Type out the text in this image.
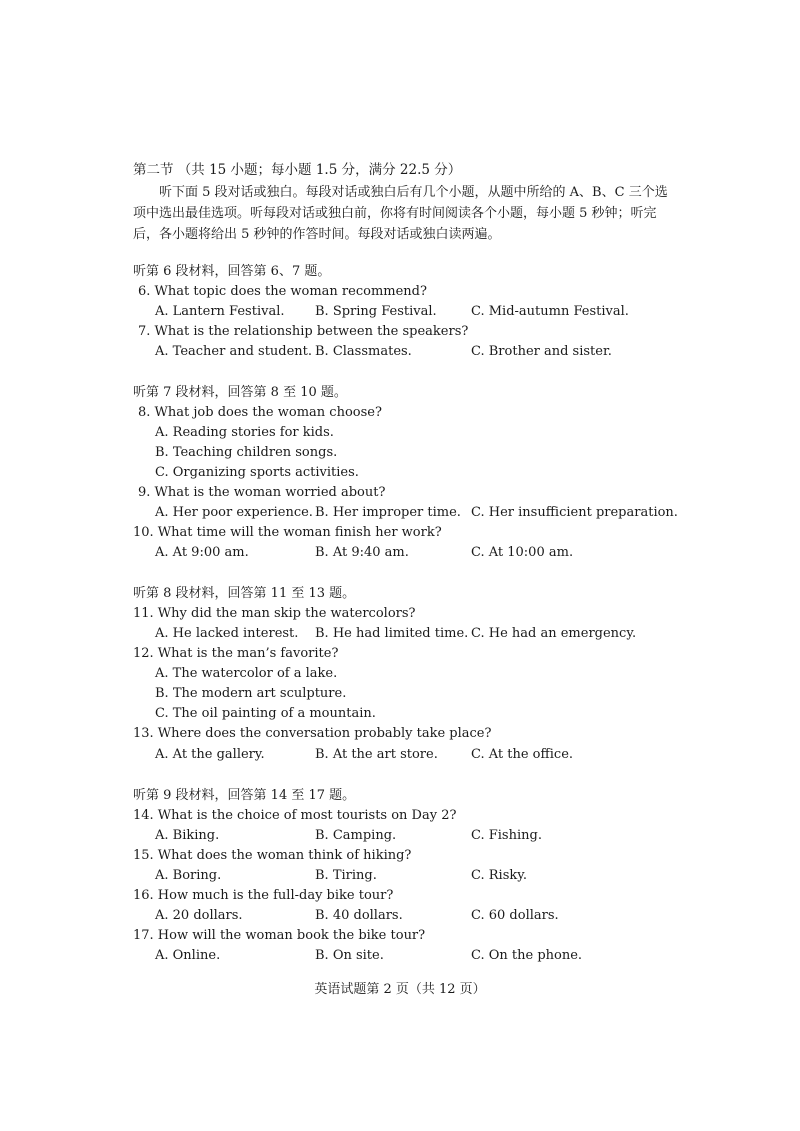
第二节 （共 15 小题；每小题 1.5 分，满分 22.5 分）
听下面 5 段对话或独白。每段对话或独白后有几个小题，从题中所给的 A、B、C 三个选项中选出最佳选项。听每段对话或独白前，你将有时间阅读各个小题，每小题 5 秒钟；听完后，各小题将给出 5 秒钟的作答时间。每段对话或独白读两遍。
听第 6 段材料，回答第 6、7 题。
6. What topic does the woman recommend?
A. Lantern Festival. B. Spring Festival.	C. Mid-autumn Festival.
7. What is the relationship between the speakers?
A. Teacher and student. B. Classmates.	C. Brother and sister.
听第 7 段材料，回答第 8 至 10 题。
8. What job does the woman choose?
A. Reading stories for kids.
B. Teaching children songs.
C. Organizing sports activities.
9. What is the woman worried about?
A. Her poor experience. B. Her improper time. C. Her insufficient preparation.
10. What time will the woman finish her work?
A. At 9:00 am.	B. At 9:40 am.	C. At 10:00 am.
听第 8 段材料，回答第 11 至 13 题。
11. Why did the man skip the watercolors?
A. He lacked interest. B. He had limited time. C. He had an emergency.
12. What is the man’s favorite?
A. The watercolor of a lake.
B. The modern art sculpture.
C. The oil painting of a mountain.
13. Where does the conversation probably take place?
A. At the gallery.	B. At the art store.	C. At the office.
听第 9 段材料，回答第 14 至 17 题。
14. What is the choice of most tourists on Day 2?
A. Biking.	B. Camping.	C. Fishing.
15. What does the woman think of hiking?
A. Boring.	B. Tiring.	C. Risky.
16. How much is the full-day bike tour?
A. 20 dollars.	B. 40 dollars.	C. 60 dollars.
17. How will the woman book the bike tour?
A. Online.	B. On site.	C. On the phone.
英语试题第 2 页（共 12 页）
